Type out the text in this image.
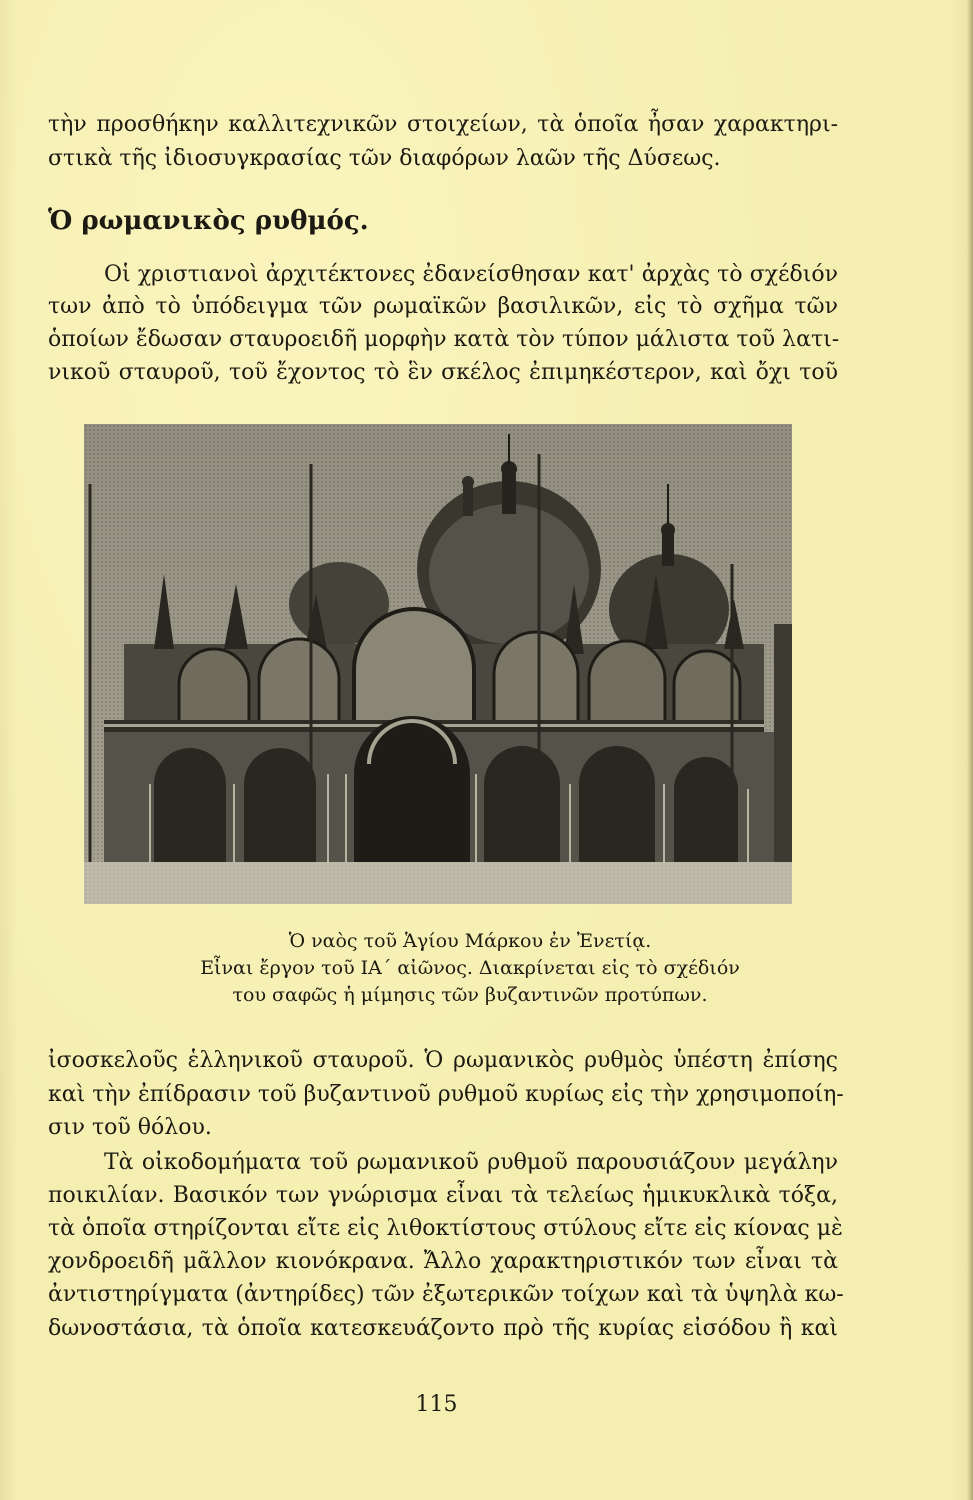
τὴν προσθήκην καλλιτεχνικῶν στοιχείων, τὰ ὁποῖα ἦσαν χαρακτηρι-
στικὰ τῆς ἰδιοσυγκρασίας τῶν διαφόρων λαῶν τῆς Δύσεως.
Ὁ ρωμανικὸς ρυθμός.
Οἱ χριστιανοὶ ἀρχιτέκτονες ἐδανείσθησαν κατ' ἀρχὰς τὸ σχέδιόν
των ἀπὸ τὸ ὑπόδειγμα τῶν ρωμαϊκῶν βασιλικῶν, εἰς τὸ σχῆμα τῶν
ὁποίων ἔδωσαν σταυροειδῆ μορφὴν κατὰ τὸν τύπον μάλιστα τοῦ λατι-
νικοῦ σταυροῦ, τοῦ ἔχοντος τὸ ἓν σκέλος ἐπιμηκέστερον, καὶ ὄχι τοῦ
Ὁ ναὸς τοῦ Ἁγίου Μάρκου ἐν Ἐνετίᾳ.
Εἶναι ἔργον τοῦ ΙΑ´ αἰῶνος. Διακρίνεται εἰς τὸ σχέδιόν
του σαφῶς ἡ μίμησις τῶν βυζαντινῶν προτύπων.
ἰσοσκελοῦς ἑλληνικοῦ σταυροῦ. Ὁ ρωμανικὸς ρυθμὸς ὑπέστη ἐπίσης
καὶ τὴν ἐπίδρασιν τοῦ βυζαντινοῦ ρυθμοῦ κυρίως εἰς τὴν χρησιμοποίη-
σιν τοῦ θόλου.
Τὰ οἰκοδομήματα τοῦ ρωμανικοῦ ρυθμοῦ παρουσιάζουν μεγάλην
ποικιλίαν. Βασικόν των γνώρισμα εἶναι τὰ τελείως ἡμικυκλικὰ τόξα,
τὰ ὁποῖα στηρίζονται εἴτε εἰς λιθοκτίστους στύλους εἴτε εἰς κίονας μὲ
χονδροειδῆ μᾶλλον κιονόκρανα. Ἄλλο χαρακτηριστικόν των εἶναι τὰ
ἀντιστηρίγματα (ἀντηρίδες) τῶν ἐξωτερικῶν τοίχων καὶ τὰ ὑψηλὰ κω-
δωνοστάσια, τὰ ὁποῖα κατεσκευάζοντο πρὸ τῆς κυρίας εἰσόδου ἢ καὶ
115
